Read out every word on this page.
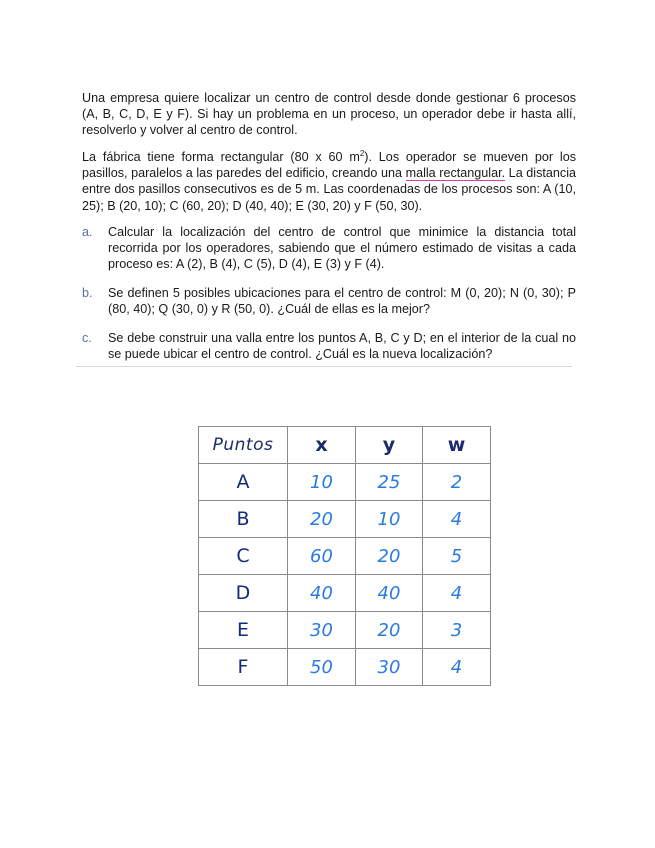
Una empresa quiere localizar un centro de control desde donde gestionar 6 procesos (A, B, C, D, E y F). Si hay un problema en un proceso, un operador debe ir hasta allí, resolverlo y volver al centro de control.

La fábrica tiene forma rectangular (80 x 60 $m^2$). Los operador se mueven por los pasillos, paralelos a las paredes del edificio, creando una malla rectangular. La distancia entre dos pasillos consecutivos es de 5 m. Las coordenadas de los procesos son: A (10, 25); B (20, 10); C (60, 20); D (40, 40); E (30, 20) y F (50, 30).

a. Calcular la localización del centro de control que minimice la distancia total recorrida por los operadores, sabiendo que el número estimado de visitas a cada proceso es: A (2), B (4), C (5), D (4), E (3) y F (4).

b. Se definen 5 posibles ubicaciones para el centro de control: M (0, 20); N (0, 30); P (80, 40); Q (30, 0) y R (50, 0). ¿Cuál de ellas es la mejor?

c. Se debe construir una valla entre los puntos A, B, C y D; en el interior de la cual no se puede ubicar el centro de control. ¿Cuál es la nueva localización?

Puntos	x	y	w
A	10	25	2
B	20	10	4
C	60	20	5
D	40	40	4
E	30	20	3
F	50	30	4
